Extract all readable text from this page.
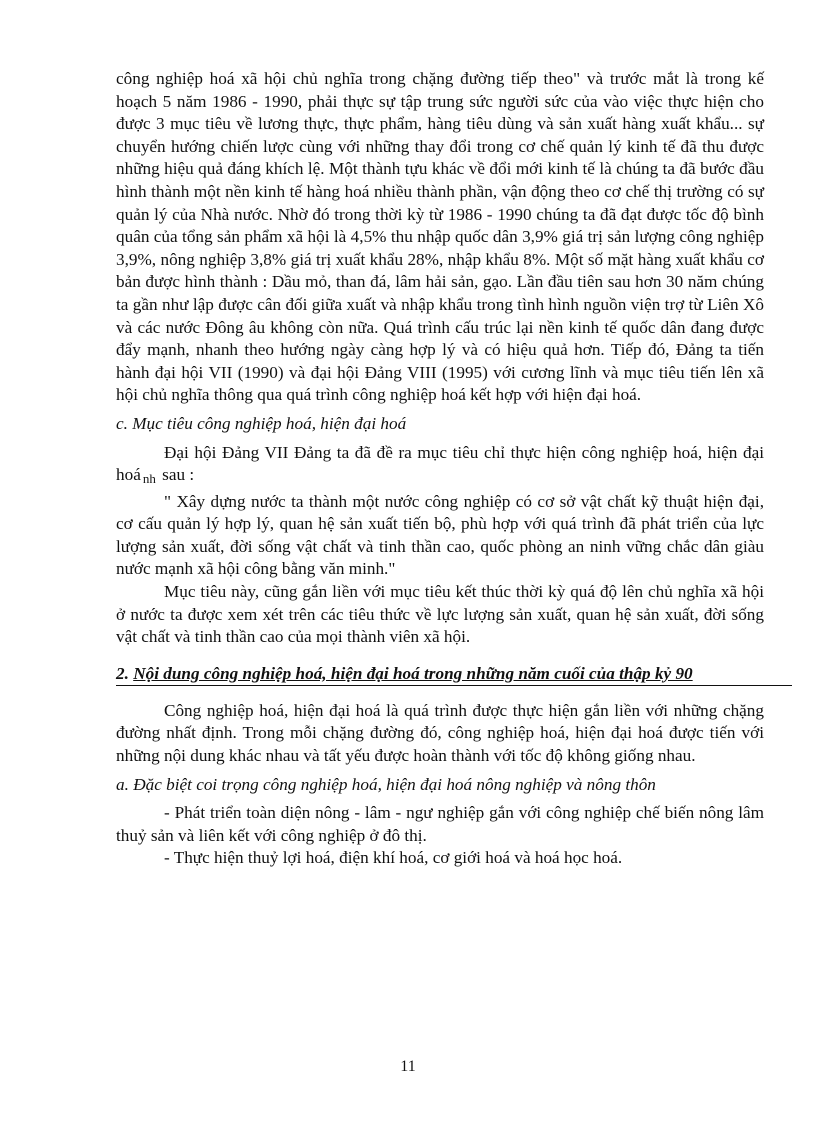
công nghiệp hoá xã hội chủ nghĩa trong chặng đường tiếp theo" và trước mắt là trong kế hoạch 5 năm 1986 - 1990, phải thực sự tập trung sức người sức của vào việc thực hiện cho được 3 mục tiêu về lương thực, thực phẩm, hàng tiêu dùng và sản xuất hàng xuất khẩu... sự chuyển hướng chiến lược cùng với những thay đổi trong cơ chế quản lý kinh tế đã thu được những hiệu quả đáng khích lệ. Một thành tựu khác về đổi mới kinh tế là chúng ta đã bước đầu hình thành một nền kinh tế hàng hoá nhiều thành phần, vận động theo cơ chế thị trường có sự quản lý của Nhà nước. Nhờ đó trong thời kỳ từ 1986 - 1990 chúng ta đã đạt được tốc độ bình quân của tổng sản phẩm xã hội là 4,5% thu nhập quốc dân 3,9% giá trị sản lượng công nghiệp 3,9%, nông nghiệp 3,8% giá trị xuất khẩu 28%, nhập khẩu 8%. Một số mặt hàng xuất khẩu cơ bản được hình thành : Dầu mỏ, than đá, lâm hải sản, gạo. Lần đầu tiên sau hơn 30 năm chúng ta gần như lập được cân đối giữa xuất và nhập khẩu trong tình hình nguồn viện trợ từ Liên Xô và các nước Đông âu không còn nữa. Quá trình cấu trúc lại nền kinh tế quốc dân đang được đẩy mạnh, nhanh theo hướng ngày càng hợp lý và có hiệu quả hơn. Tiếp đó, Đảng ta tiến hành đại hội VII (1990) và đại hội Đảng VIII (1995) với cương lĩnh và mục tiêu tiến lên xã hội chủ nghĩa thông qua quá trình công nghiệp hoá kết hợp với hiện đại hoá.

c. Mục tiêu công nghiệp hoá, hiện đại hoá

Đại hội Đảng VII Đảng ta đã đề ra mục tiêu chỉ thực hiện công nghiệp hoá, hiện đại hoá nh sau :

" Xây dựng nước ta thành một nước công nghiệp có cơ sở vật chất kỹ thuật hiện đại, cơ cấu quản lý hợp lý, quan hệ sản xuất tiến bộ, phù hợp với quá trình đã phát triển của lực lượng sản xuất, đời sống vật chất và tinh thần cao, quốc phòng an ninh vững chắc dân giàu nước mạnh xã hội công bằng văn minh."

Mục tiêu này, cũng gắn liền với mục tiêu kết thúc thời kỳ quá độ lên chủ nghĩa xã hội ở nước ta được xem xét trên các tiêu thức về lực lượng sản xuất, quan hệ sản xuất, đời sống vật chất và tinh thần cao của mọi thành viên xã hội.

2. Nội dung công nghiệp hoá, hiện đại hoá trong những năm cuối của thập kỷ 90

Công nghiệp hoá, hiện đại hoá là quá trình được thực hiện gắn liền với những chặng đường nhất định. Trong mỗi chặng đường đó, công nghiệp hoá, hiện đại hoá được tiến với những nội dung khác nhau và tất yếu được hoàn thành với tốc độ không giống nhau.

a. Đặc biệt coi trọng công nghiệp hoá, hiện đại hoá nông nghiệp và nông thôn

- Phát triển toàn diện nông - lâm - ngư nghiệp gắn với công nghiệp chế biến nông lâm thuỷ sản và liên kết với công nghiệp ở đô thị.

- Thực hiện thuỷ lợi hoá, điện khí hoá, cơ giới hoá và hoá học hoá.

11
